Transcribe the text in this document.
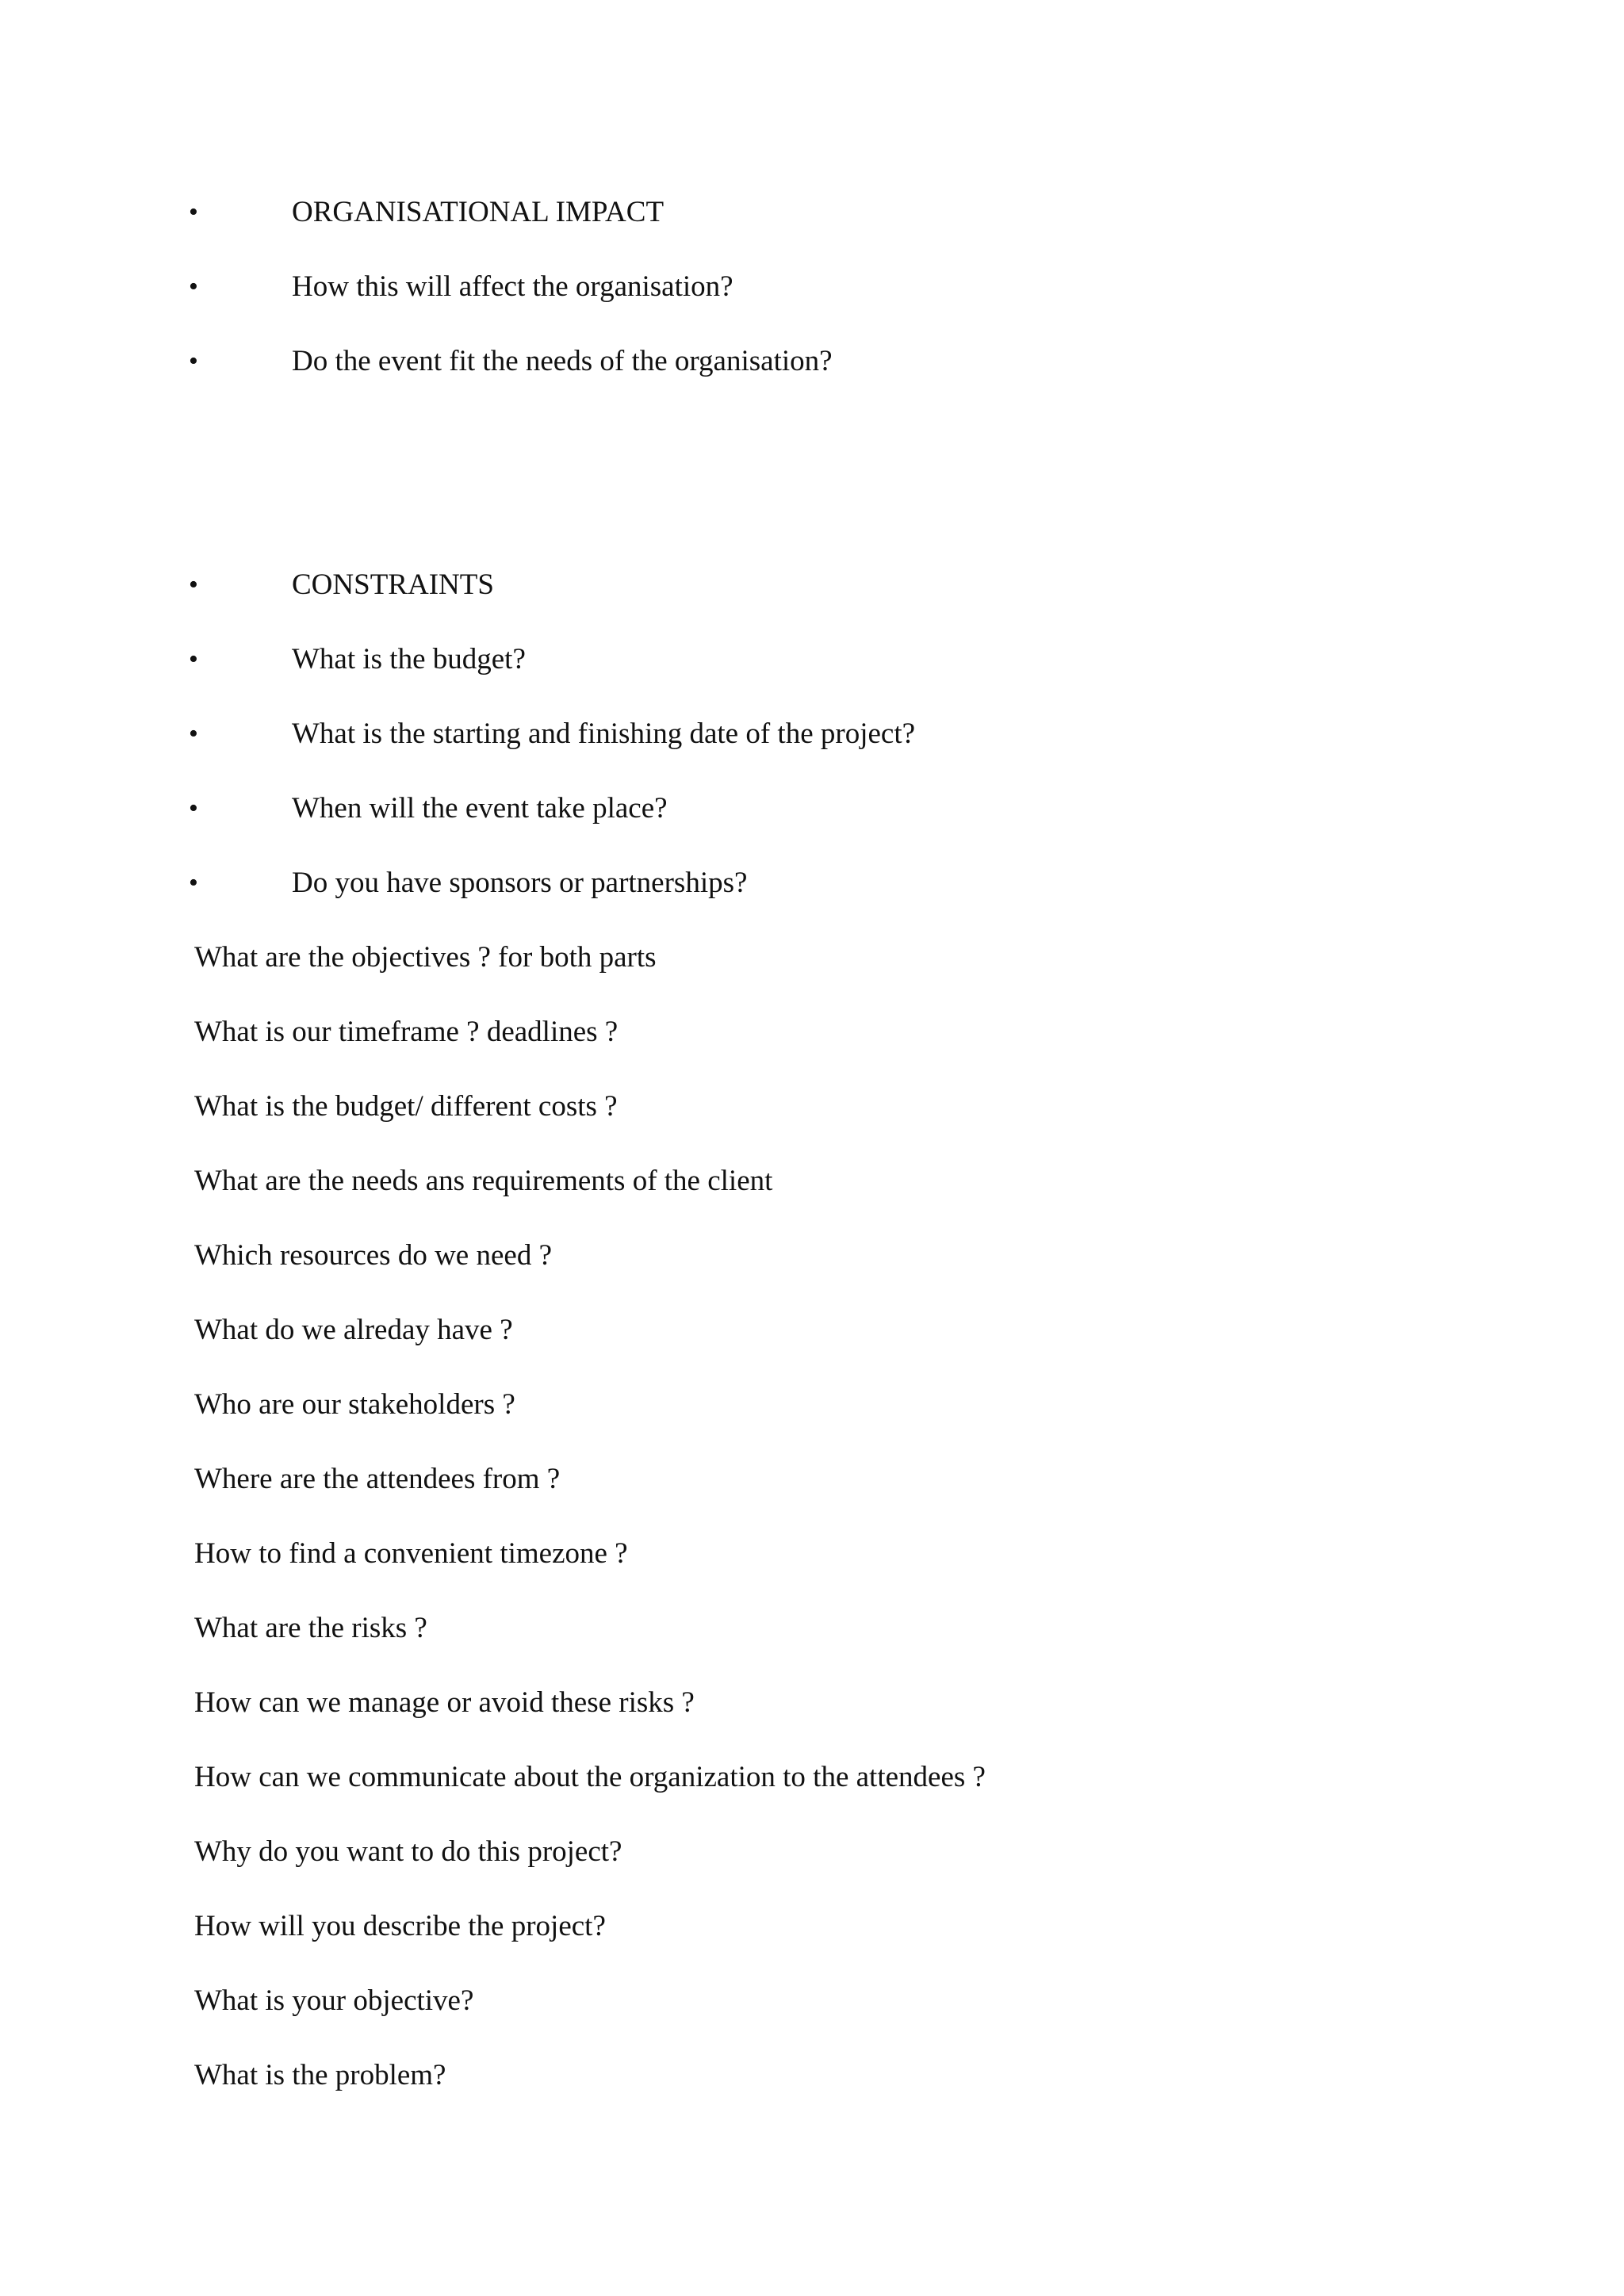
•	ORGANISATIONAL IMPACT
•	How this will affect the organisation?
•	Do the event fit the needs of the organisation?
•	CONSTRAINTS
•	What is the budget?
•	What is the starting and finishing date of the project?
•	When will the event take place?
•	Do you have sponsors or partnerships?
What are the objectives ? for both parts
What is our timeframe ? deadlines ?
What is the budget/ different costs ?
What are the needs ans requirements of the client
Which resources do we need ?
What do we alreday have ?
Who are our stakeholders ?
Where are the attendees from ?
How to find a convenient timezone ?
What are the risks ?
How can we manage or avoid these risks ?
How can we communicate about the organization to the attendees ?
Why do you want to do this project?
How will you describe the project?
What is your objective?
What is the problem?
